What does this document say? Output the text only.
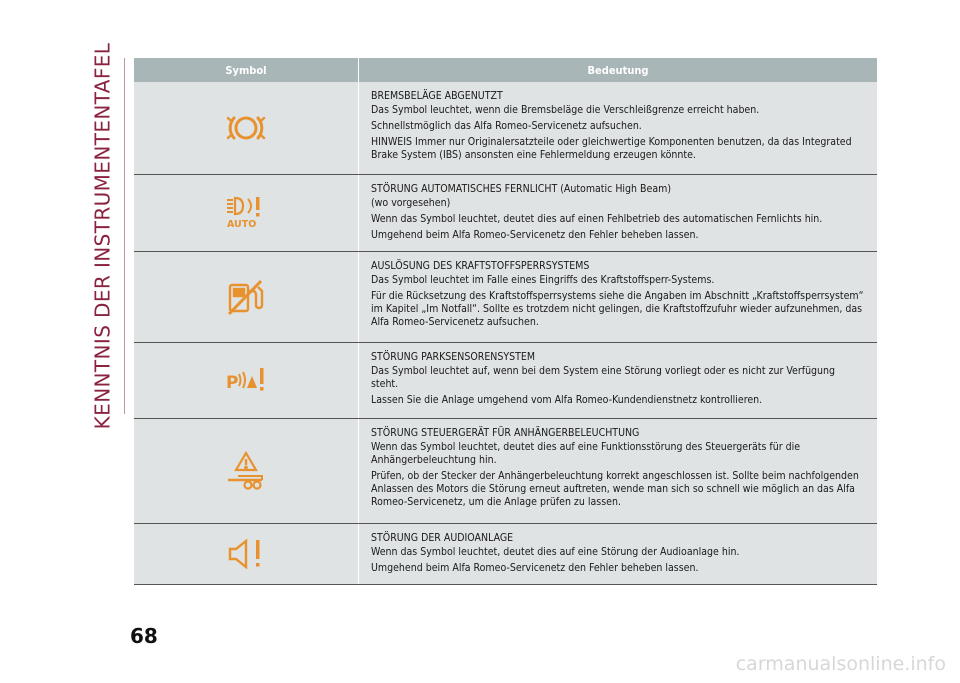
KENNTNIS DER INSTRUMENTENTAFEL	Symbol	Bedeutung

BREMSBELÄGE ABGENUTZT

Das Symbol leuchtet, wenn die Bremsbeläge die Verschleißgrenze erreicht haben.

Schnellstmöglich das Alfa Romeo-Servicenetz aufsuchen.

HINWEIS Immer nur Originalersatzteile oder gleichwertige Komponenten benutzen, da das Integrated Brake System (IBS) ansonsten eine Fehlermeldung erzeugen könnte.

AUTO

STÖRUNG AUTOMATISCHES FERNLICHT (Automatic High Beam)

(wo vorgesehen)

Wenn das Symbol leuchtet, deutet dies auf einen Fehlbetrieb des automatischen Fernlichts hin.

Umgehend beim Alfa Romeo-Servicenetz den Fehler beheben lassen.

AUSLÖSUNG DES KRAFTSTOFFSPERRSYSTEMS

Das Symbol leuchtet im Falle eines Eingriffs des Kraftstoffsperr-Systems.

Für die Rücksetzung des Kraftstoffsperrsystems siehe die Angaben im Abschnitt „Kraftstoffsperrsystem“ im Kapitel „Im Notfall“. Sollte es trotzdem nicht gelingen, die Kraftstoffzufuhr wieder aufzunehmen, das Alfa Romeo-Servicenetz aufsuchen.

P

STÖRUNG PARKSENSORENSYSTEM

Das Symbol leuchtet auf, wenn bei dem System eine Störung vorliegt oder es nicht zur Verfügung steht.

Lassen Sie die Anlage umgehend vom Alfa Romeo-Kundendienstnetz kontrollieren.

STÖRUNG STEUERGERÄT FÜR ANHÄNGERBELEUCHTUNG

Wenn das Symbol leuchtet, deutet dies auf eine Funktionsstörung des Steuergeräts für die Anhängerbeleuchtung hin.

Prüfen, ob der Stecker der Anhängerbeleuchtung korrekt angeschlossen ist. Sollte beim nachfolgenden Anlassen des Motors die Störung erneut auftreten, wende man sich so schnell wie möglich an das Alfa Romeo-Servicenetz, um die Anlage prüfen zu lassen.

STÖRUNG DER AUDIOANLAGE

Wenn das Symbol leuchtet, deutet dies auf eine Störung der Audioanlage hin.

Umgehend beim Alfa Romeo-Servicenetz den Fehler beheben lassen.

68
carmanualsonline.info
